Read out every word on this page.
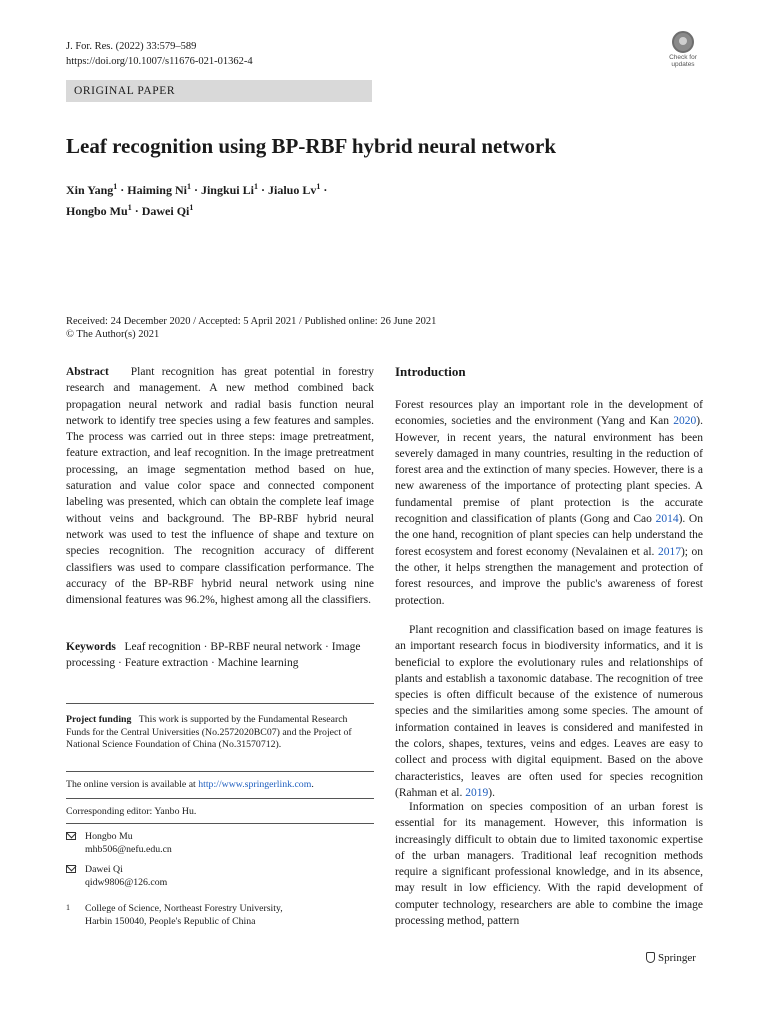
J. For. Res. (2022) 33:579–589
https://doi.org/10.1007/s11676-021-01362-4	Check for updates
ORIGINAL PAPER
Leaf recognition using BP-RBF hybrid neural network
Xin Yang$^1$ · Haiming $Ni^1$ · Jingkui $Li^1$ · Jialuo $Lv^1$ ·
Hongbo $Mu^1$ · Dawei Qi$^1$
Received: 24 December 2020 / Accepted: 5 April 2021 / Published online: 26 June 2021
© The Author(s) 2021
Abstract Plant recognition has great potential in forestry research and management. A new method combined back propagation neural network and radial basis function neural network to identify tree species using a few features and samples. The process was carried out in three steps: image pretreatment, feature extraction, and leaf recognition. In the image pretreatment processing, an image segmentation method based on hue, saturation and value color space and connected component labeling was presented, which can obtain the complete leaf image without veins and background. The BP-RBF hybrid neural network was used to test the influence of shape and texture on species recognition. The recognition accuracy of different classifiers was used to compare classification performance. The accuracy of the BP-RBF hybrid neural network using nine dimensional features was 96.2%, highest among all the classifiers.
Keywords Leaf recognition · BP-RBF neural network · Image processing · Feature extraction · Machine learning
Project funding This work is supported by the Fundamental Research Funds for the Central Universities (No.2572020BC07) and the Project of National Science Foundation of China (No.31570712).
The online version is available at http://www.springerlink.com.
Corresponding editor: Yanbo Hu.
Hongbo Mu
mhb506@nefu.edu.cn
Dawei Qi
qidw9806@126.com
1 College of Science, Northeast Forestry University,
Harbin 150040, People's Republic of China
Introduction
Forest resources play an important role in the development of economies, societies and the environment (Yang and Kan 2020). However, in recent years, the natural environment has been severely damaged in many countries, resulting in the reduction of forest area and the extinction of many species. However, there is a new awareness of the importance of protecting plant species. A fundamental premise of plant protection is the accurate recognition and classification of plants (Gong and Cao 2014). On the one hand, recognition of plant species can help understand the forest ecosystem and forest economy (Nevalainen et al. 2017); on the other, it helps strengthen the management and protection of forest resources, and improve the public's awareness of forest protection.
Plant recognition and classification based on image features is an important research focus in biodiversity informatics, and it is beneficial to explore the evolutionary rules and relationships of plants and establish a taxonomic database. The recognition of tree species is often difficult because of the existence of numerous species and the similarities among some species. The amount of information contained in leaves is considered and manifested in the colors, shapes, textures, veins and edges. Leaves are easy to collect and process with digital equipment. Based on the above characteristics, leaves are often used for species recognition (Rahman et al. 2019).
Information on species composition of an urban forest is essential for its management. However, this information is increasingly difficult to obtain due to limited taxonomic expertise of the urban managers. Traditional leaf recognition methods require a significant professional knowledge, and in its absence, may result in low efficiency. With the rapid development of computer technology, researchers are able to combine the image processing method, pattern
Springer
